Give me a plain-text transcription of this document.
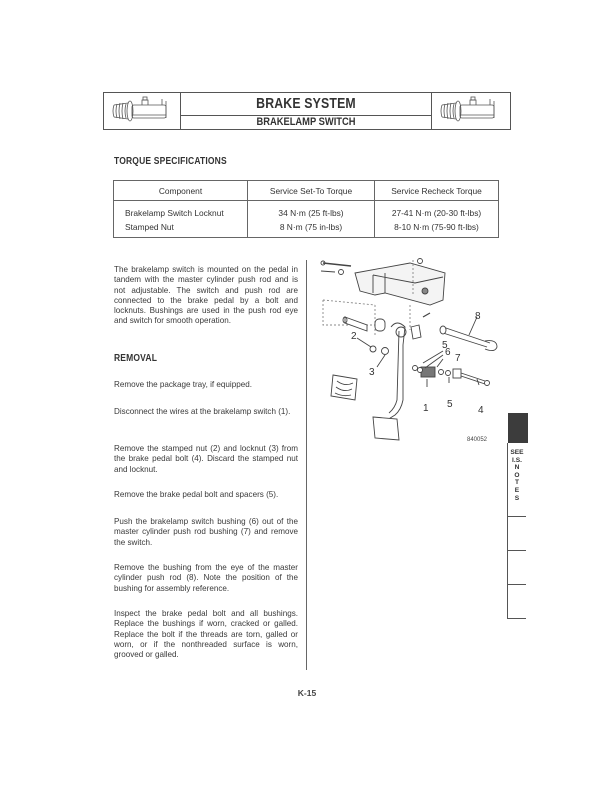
BRAKE SYSTEM
BRAKELAMP SWITCH
TORQUE SPECIFICATIONS
Component	Service Set-To Torque	Service Recheck Torque
Brakelamp Switch Locknut	34 N·m (25 ft-lbs)	27-41 N·m (20-30 ft-lbs)
Stamped Nut	8 N·m (75 in-lbs)	8-10 N·m (75-90 ft-lbs)
The brakelamp switch is mounted on the pedal in tandem with the master cylinder push rod and is not adjustable. The switch and push rod are connected to the brake pedal by a bolt and locknuts. Bushings are used in the push rod eye and switch for smooth operation.
REMOVAL
Remove the package tray, if equipped.
Disconnect the wires at the brakelamp switch (1).
Remove the stamped nut (2) and locknut (3) from the brake pedal bolt (4). Discard the stamped nut and locknut.
Remove the brake pedal bolt and spacers (5).
Push the brakelamp switch bushing (6) out of the master cylinder push rod bushing (7) and remove the switch.
Remove the bushing from the eye of the master cylinder push rod (8). Note the position of the bushing for assembly reference.
Inspect the brake pedal bolt and all bushings. Replace the bushings if worn, cracked or galled. Replace the bolt if the threads are torn, galled or worn, or if the nonthreaded surface is worn, grooved or galled.
2
3
1	4
5
5
6
7
8
840052
SEE
I.S.
N
O
T
E
S
K-15
